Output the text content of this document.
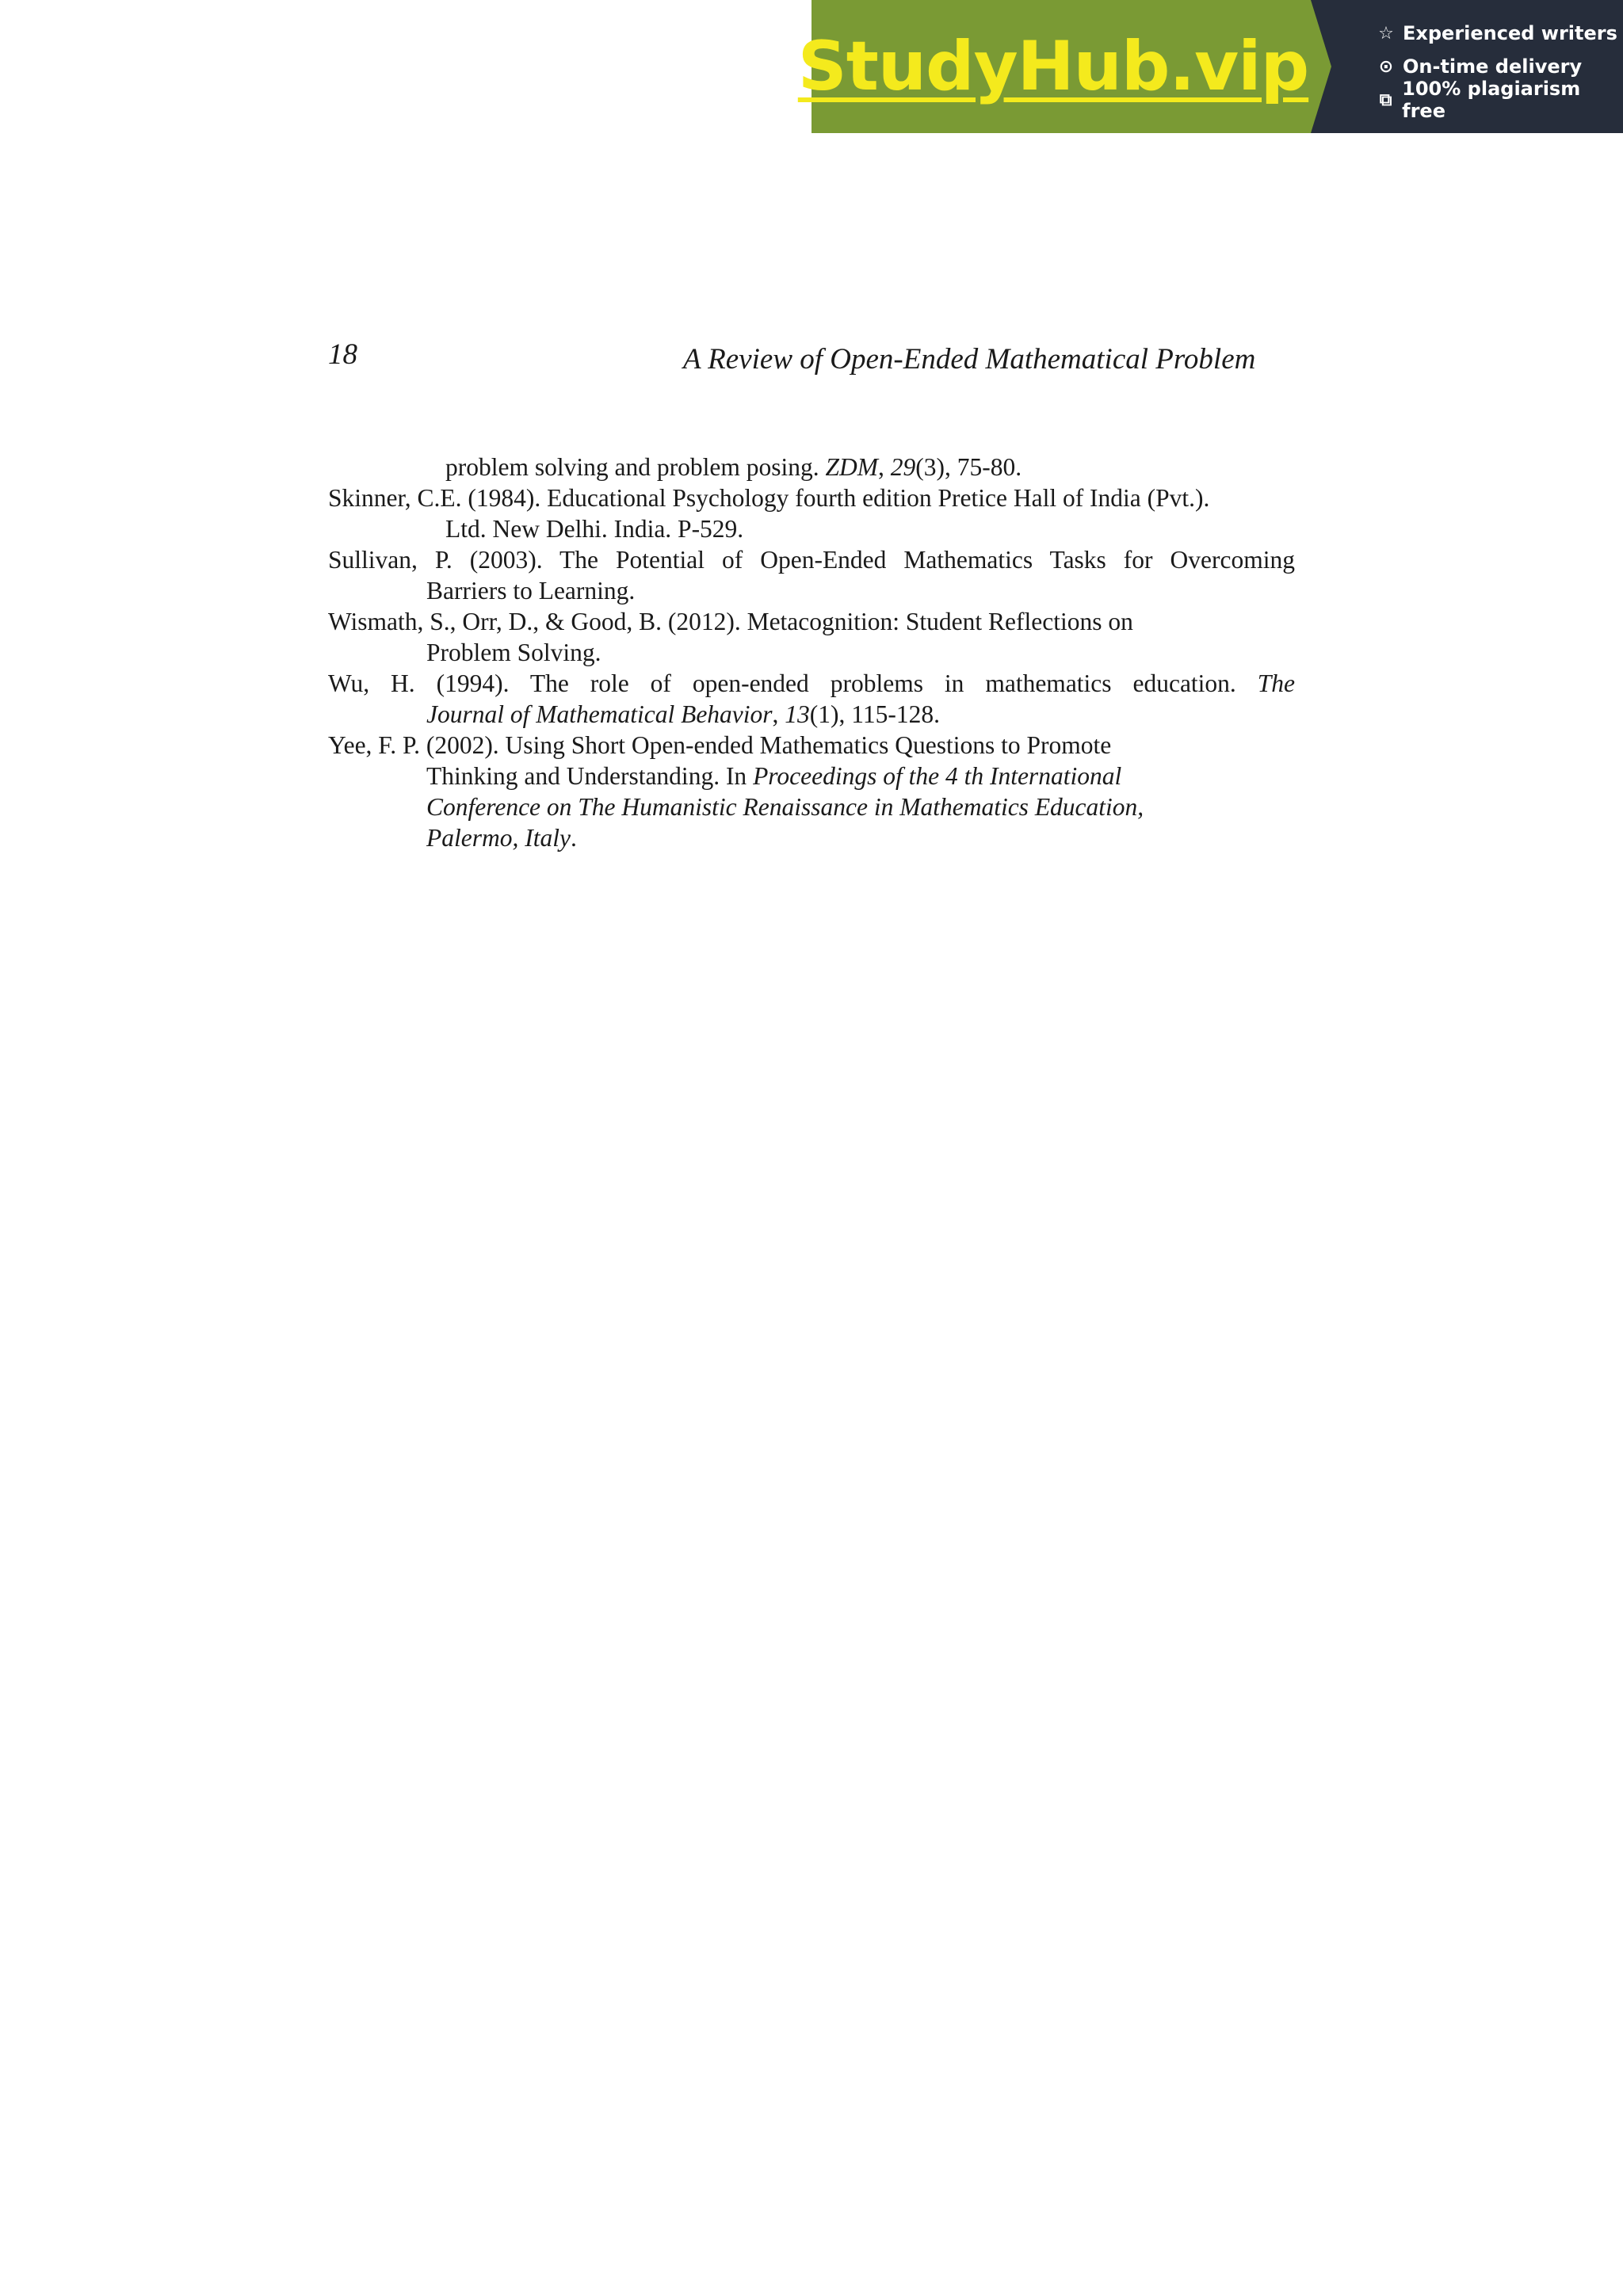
StudyHub.vip	☆ Experienced writers
⊙ On-time delivery
⧉ 100% plagiarism free
18	A Review of Open-Ended Mathematical Problem
problem solving and problem posing. ZDM, 29(3), 75-80.
Skinner, C.E. (1984). Educational Psychology fourth edition Pretice Hall of India (Pvt.).
Ltd. New Delhi. India. P-529.
Sullivan, P. (2003). The Potential of Open-Ended Mathematics Tasks for Overcoming
Barriers to Learning.
Wismath, S., Orr, D., & Good, B. (2012). Metacognition: Student Reflections on
Problem Solving.
Wu, H. (1994). The role of open-ended problems in mathematics education. The
Journal of Mathematical Behavior, 13(1), 115-128.
Yee, F. P. (2002). Using Short Open-ended Mathematics Questions to Promote
Thinking and Understanding. In Proceedings of the 4 th International
Conference on The Humanistic Renaissance in Mathematics Education,
Palermo, Italy.
